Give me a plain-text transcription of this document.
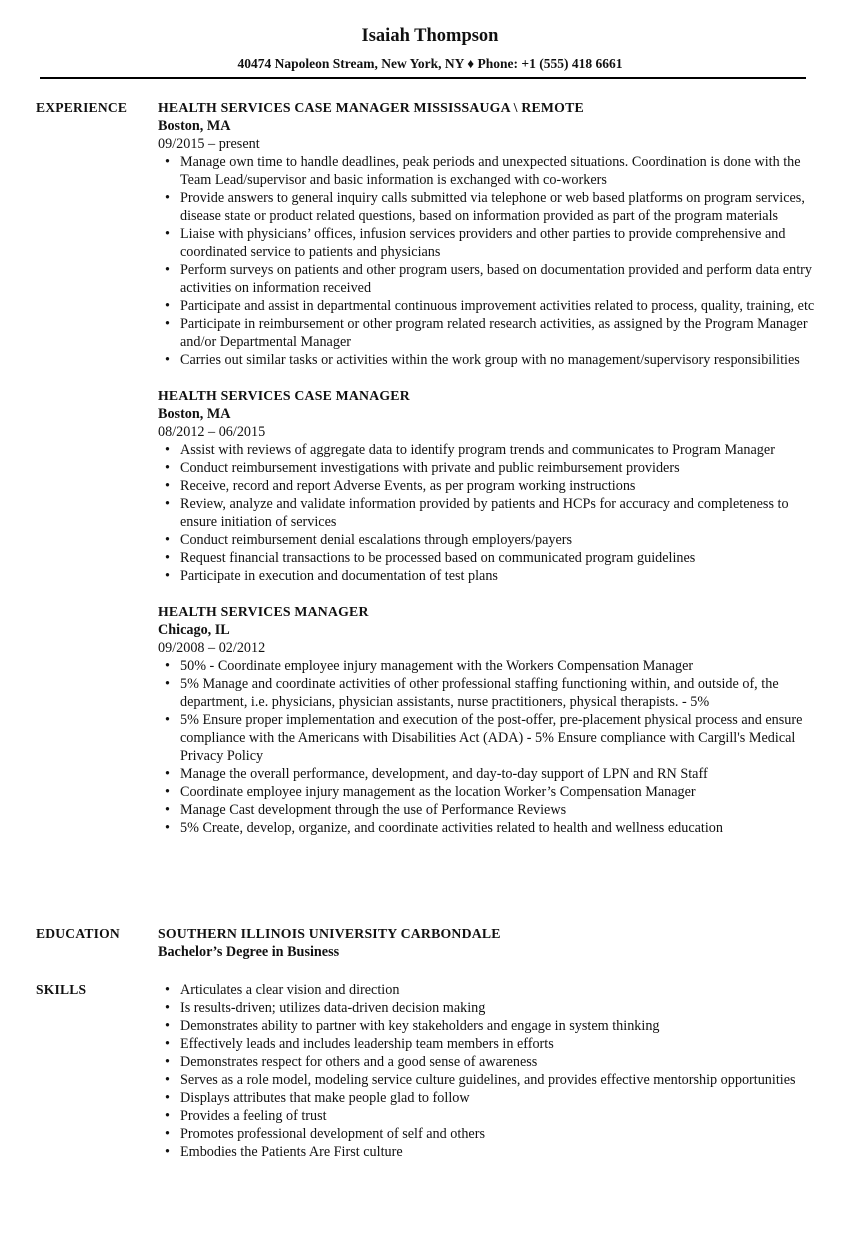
Isaiah Thompson
40474 Napoleon Stream, New York, NY ♦ Phone: +1 (555) 418 6661
EXPERIENCE HEALTH SERVICES CASE MANAGER MISSISSAUGA \ REMOTE
Boston, MA
09/2015 – present
• Manage own time to handle deadlines, peak periods and unexpected situations. Coordination is done with the Team Lead/supervisor and basic information is exchanged with co-workers
• Provide answers to general inquiry calls submitted via telephone or web based platforms on program services, disease state or product related questions, based on information provided as part of the program materials
• Liaise with physicians’ offices, infusion services providers and other parties to provide comprehensive and coordinated service to patients and physicians
• Perform surveys on patients and other program users, based on documentation provided and perform data entry activities on information received
• Participate and assist in departmental continuous improvement activities related to process, quality, training, etc
• Participate in reimbursement or other program related research activities, as assigned by the Program Manager and/or Departmental Manager
• Carries out similar tasks or activities within the work group with no management/supervisory responsibilities
HEALTH SERVICES CASE MANAGER
Boston, MA
08/2012 – 06/2015
• Assist with reviews of aggregate data to identify program trends and communicates to Program Manager
• Conduct reimbursement investigations with private and public reimbursement providers
• Receive, record and report Adverse Events, as per program working instructions
• Review, analyze and validate information provided by patients and HCPs for accuracy and completeness to ensure initiation of services
• Conduct reimbursement denial escalations through employers/payers
• Request financial transactions to be processed based on communicated program guidelines
• Participate in execution and documentation of test plans
HEALTH SERVICES MANAGER
Chicago, IL
09/2008 – 02/2012
• 50% - Coordinate employee injury management with the Workers Compensation Manager
• 5% Manage and coordinate activities of other professional staffing functioning within, and outside of, the department, i.e. physicians, physician assistants, nurse practitioners, physical therapists. - 5%
• 5% Ensure proper implementation and execution of the post-offer, pre-placement physical process and ensure compliance with the Americans with Disabilities Act (ADA) - 5% Ensure compliance with Cargill's Medical Privacy Policy
• Manage the overall performance, development, and day-to-day support of LPN and RN Staff
• Coordinate employee injury management as the location Worker’s Compensation Manager
• Manage Cast development through the use of Performance Reviews
• 5% Create, develop, organize, and coordinate activities related to health and wellness education
EDUCATION	SOUTHERN ILLINOIS UNIVERSITY CARBONDALE
Bachelor’s Degree in Business
SKILLS
•	Articulates a clear vision and direction
• Is results-driven; utilizes data-driven decision making
• Demonstrates ability to partner with key stakeholders and engage in system thinking
• Effectively leads and includes leadership team members in efforts
• Demonstrates respect for others and a good sense of awareness
• Serves as a role model, modeling service culture guidelines, and provides effective mentorship opportunities
• Displays attributes that make people glad to follow
• Provides a feeling of trust
• Promotes professional development of self and others
• Embodies the Patients Are First culture
